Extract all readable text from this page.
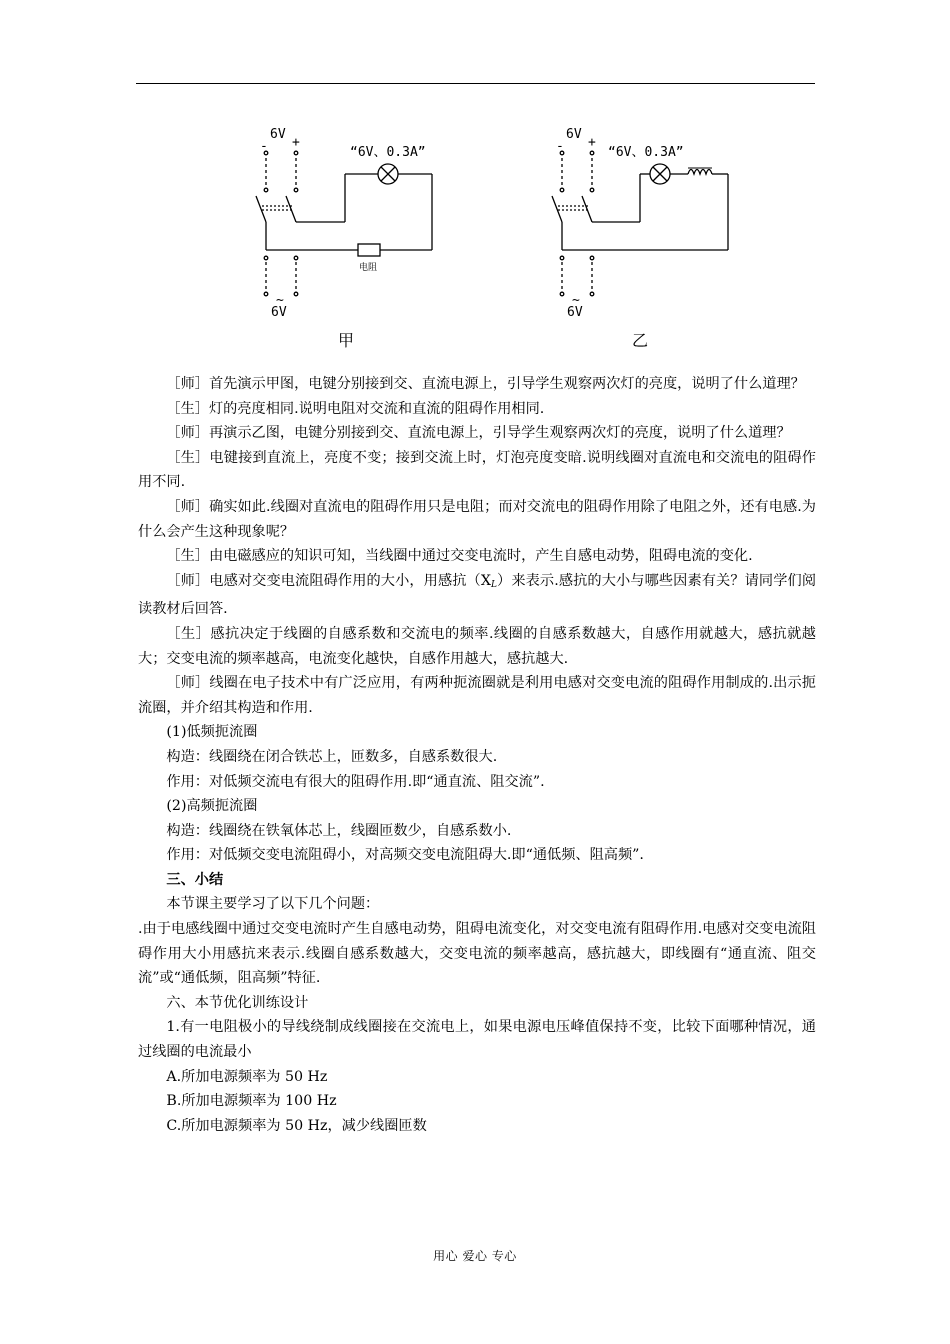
6V
- +
“6V、0.3A”
电阻
~
6V
甲
6V
- +
“6V、0.3A”
~
6V
乙

［师］首先演示甲图，电键分别接到交、直流电源上，引导学生观察两次灯的亮度，说明了什么道理？

［生］灯的亮度相同.说明电阻对交流和直流的阻碍作用相同.

［师］再演示乙图，电键分别接到交、直流电源上，引导学生观察两次灯的亮度，说明了什么道理？

［生］电键接到直流上，亮度不变；接到交流上时，灯泡亮度变暗.说明线圈对直流电和交流电的阻碍作用不同.

［师］确实如此.线圈对直流电的阻碍作用只是电阻；而对交流电的阻碍作用除了电阻之外，还有电感.为什么会产生这种现象呢？

［生］由电磁感应的知识可知，当线圈中通过交变电流时，产生自感电动势，阻碍电流的变化.

［师］电感对交变电流阻碍作用的大小，用感抗$(X_L)$来表示.感抗的大小与哪些因素有关？请同学们阅读教材后回答.

［生］感抗决定于线圈的自感系数和交流电的频率.线圈的自感系数越大，自感作用就越大，感抗就越大；交变电流的频率越高，电流变化越快，自感作用越大，感抗越大.

［师］线圈在电子技术中有广泛应用，有两种扼流圈就是利用电感对交变电流的阻碍作用制成的.出示扼流圈，并介绍其构造和作用.

(1)低频扼流圈

构造：线圈绕在闭合铁芯上，匝数多，自感系数很大.

作用：对低频交流电有很大的阻碍作用.即“通直流、阻交流”.

(2)高频扼流圈

构造：线圈绕在铁氧体芯上，线圈匝数少，自感系数小.

作用：对低频交变电流阻碍小，对高频交变电流阻碍大.即“通低频、阻高频”.

三、小结

本节课主要学习了以下几个问题：

.由于电感线圈中通过交变电流时产生自感电动势，阻碍电流变化，对交变电流有阻碍作用.电感对交变电流阻碍作用大小用感抗来表示.线圈自感系数越大，交变电流的频率越高，感抗越大，即线圈有“通直流、阻交流”或“通低频，阻高频”特征.

六、本节优化训练设计

1.有一电阻极小的导线绕制成线圈接在交流电上，如果电源电压峰值保持不变，比较下面哪种情况，通过线圈的电流最小

A.所加电源频率为 50 Hz

B.所加电源频率为 100 Hz

C.所加电源频率为 50 Hz，减少线圈匝数

用心 爱心 专心
